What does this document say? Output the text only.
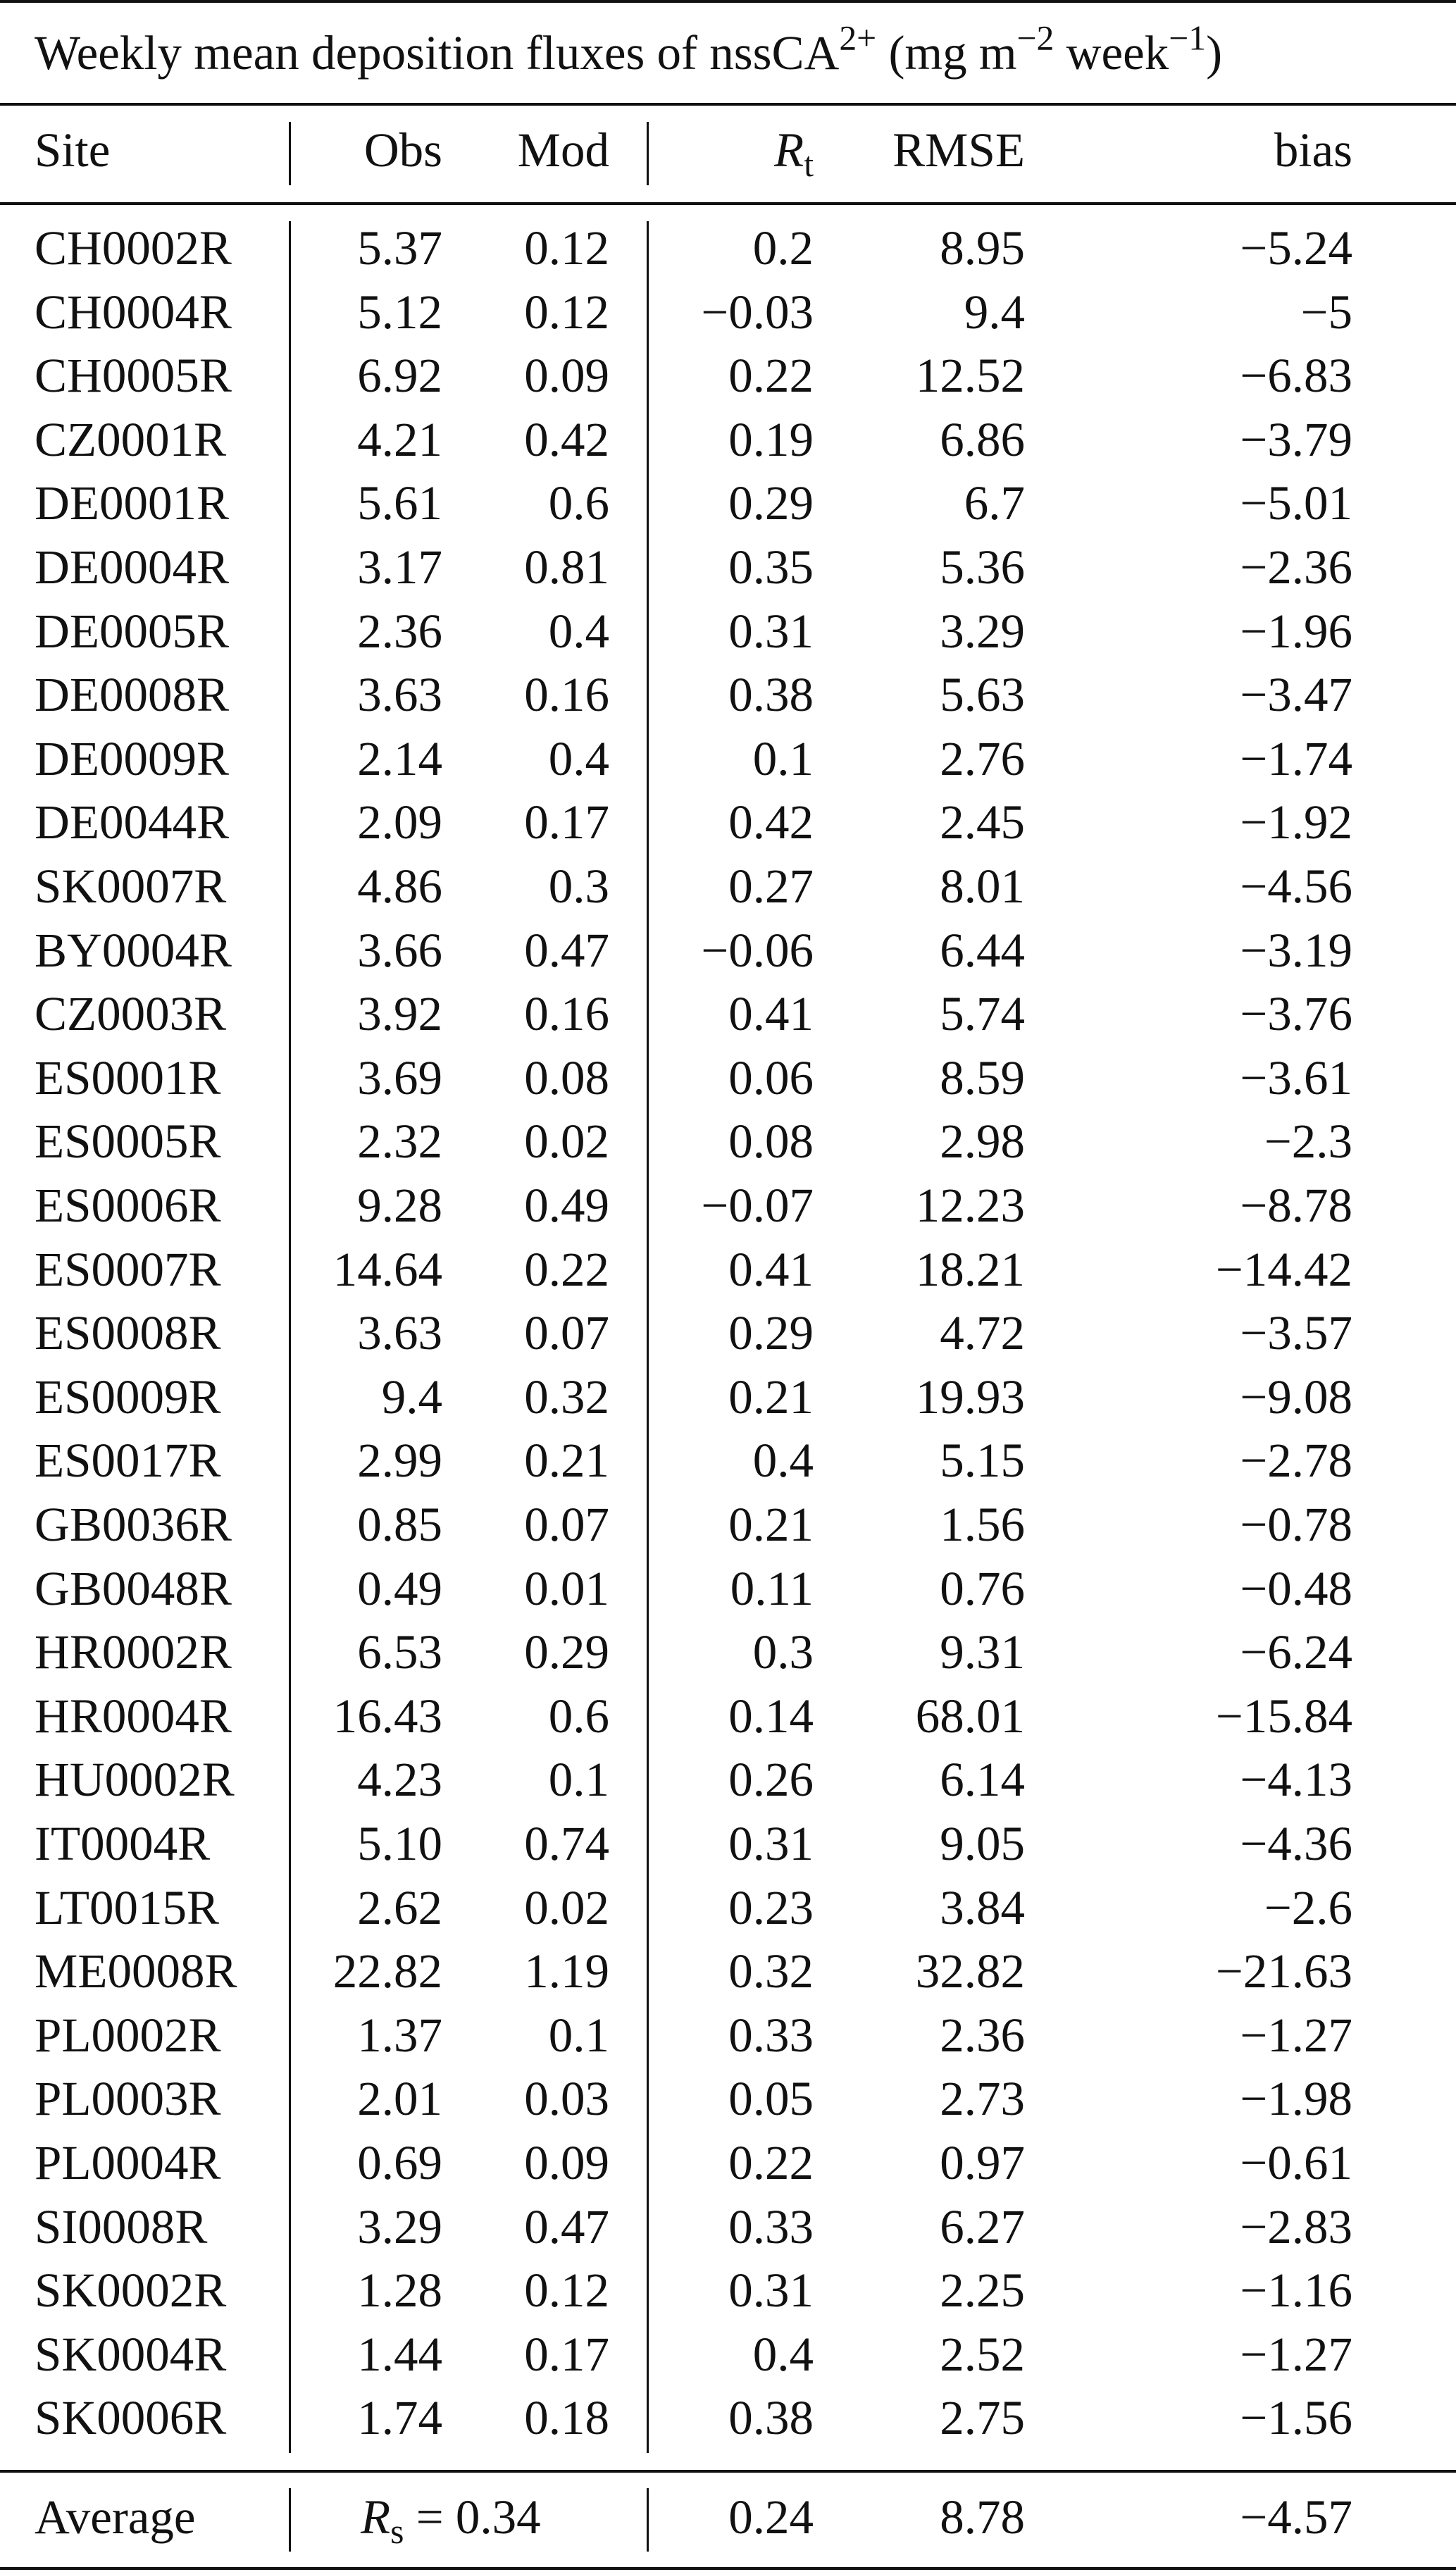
Weekly mean deposition fluxes of nssCA$^{2+}$ (mg $m^{-2}$ week$^{-1}$)
Site	Obs	Mod	$R_t$	RMSE	bias
CH0002R	5.37	0.12	0.2	8.95	−5.24
CH0004R	5.12	0.12	−0.03	9.4	−5
CH0005R	6.92	0.09	0.22	12.52	−6.83
CZ0001R	4.21	0.42	0.19	6.86	−3.79
DE0001R	5.61	0.6	0.29	6.7	−5.01
DE0004R	3.17	0.81	0.35	5.36	−2.36
DE0005R	2.36	0.4	0.31	3.29	−1.96
DE0008R	3.63	0.16	0.38	5.63	−3.47
DE0009R	2.14	0.4	0.1	2.76	−1.74
DE0044R	2.09	0.17	0.42	2.45	−1.92
SK0007R	4.86	0.3	0.27	8.01	−4.56
BY0004R	3.66	0.47	−0.06	6.44	−3.19
CZ0003R	3.92	0.16	0.41	5.74	−3.76
ES0001R	3.69	0.08	0.06	8.59	−3.61
ES0005R	2.32	0.02	0.08	2.98	−2.3
ES0006R	9.28	0.49	−0.07	12.23	−8.78
ES0007R	14.64	0.22	0.41	18.21	−14.42
ES0008R	3.63	0.07	0.29	4.72	−3.57
ES0009R	9.4	0.32	0.21	19.93	−9.08
ES0017R	2.99	0.21	0.4	5.15	−2.78
GB0036R	0.85	0.07	0.21	1.56	−0.78
GB0048R	0.49	0.01	0.11	0.76	−0.48
HR0002R	6.53	0.29	0.3	9.31	−6.24
HR0004R	16.43	0.6	0.14	68.01	−15.84
HU0002R	4.23	0.1	0.26	6.14	−4.13
IT0004R	5.10	0.74	0.31	9.05	−4.36
LT0015R	2.62	0.02	0.23	3.84	−2.6
ME0008R	22.82	1.19	0.32	32.82	−21.63
PL0002R	1.37	0.1	0.33	2.36	−1.27
PL0003R	2.01	0.03	0.05	2.73	−1.98
PL0004R	0.69	0.09	0.22	0.97	−0.61
SI0008R	3.29	0.47	0.33	6.27	−2.83
SK0002R	1.28	0.12	0.31	2.25	−1.16
SK0004R	1.44	0.17	0.4	2.52	−1.27
SK0006R	1.74	0.18	0.38	2.75	−1.56
Average	$R_s = 0.34$	0.24	8.78	−4.57
